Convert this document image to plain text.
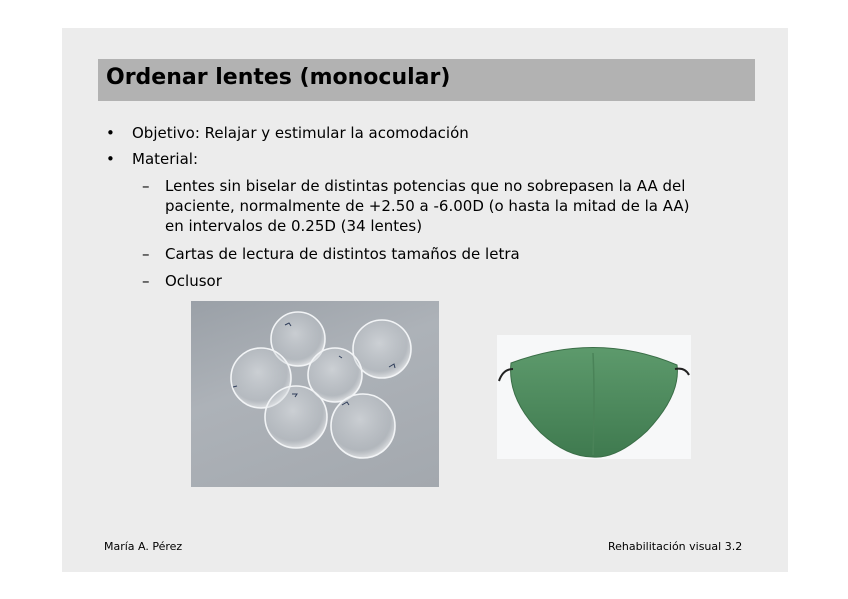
Ordenar lentes (monocular)
• Objetivo: Relajar y estimular la acomodación
• Material:
– Lentes sin biselar de distintas potencias que no sobrepasen la AA del
paciente, normalmente de +2.50 a -6.00D (o hasta la mitad de la AA)
en intervalos de 0.25D (34 lentes)
– Cartas de lectura de distintos tamaños de letra
– Oclusor
María A. Pérez	Rehabilitación visual 3.2
